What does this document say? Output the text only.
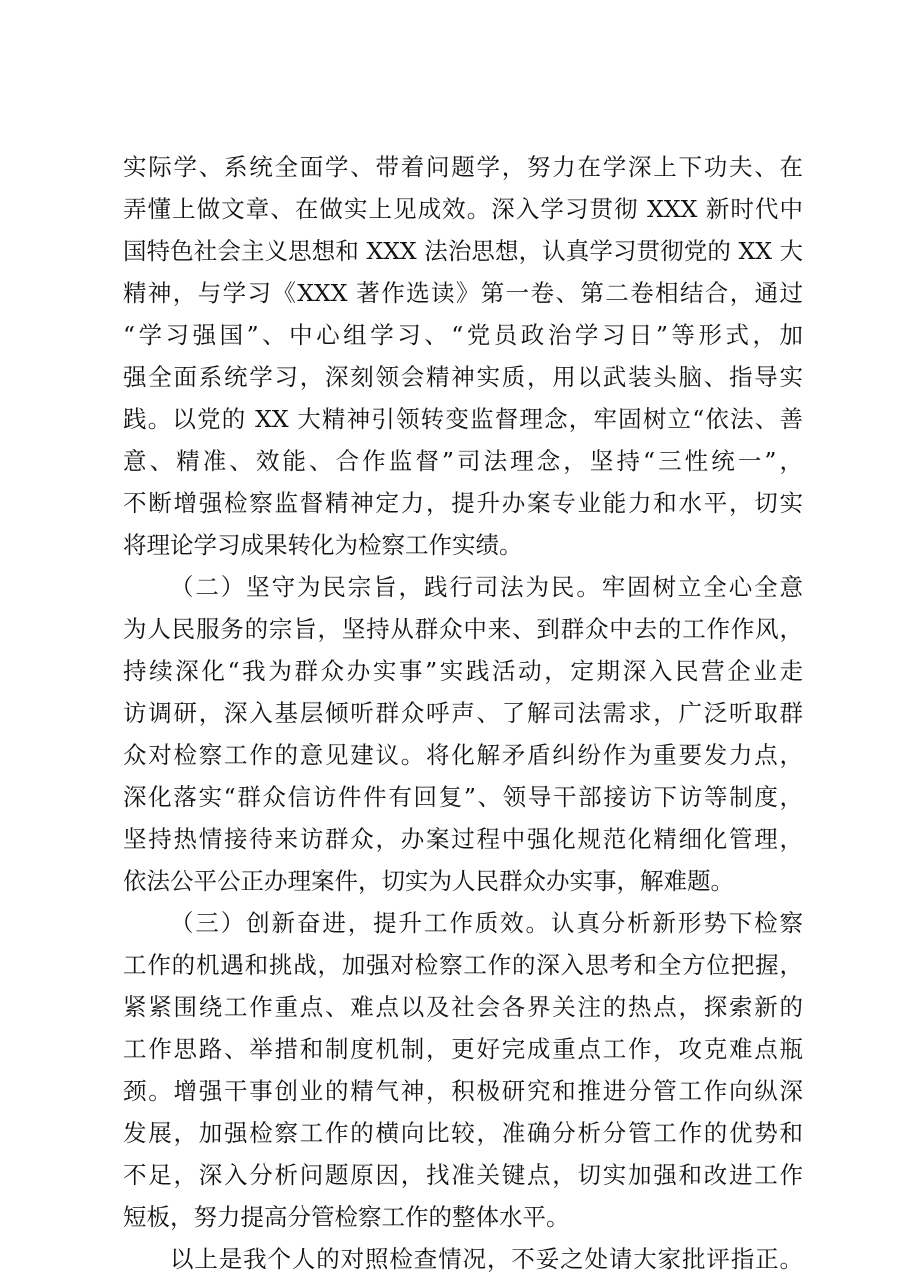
实际学、系统全面学、带着问题学，努力在学深上下功夫、在
弄懂上做文章、在做实上见成效。深入学习贯彻 XXX 新时代中
国特色社会主义思想和 XXX 法治思想，认真学习贯彻党的 XX 大
精神，与学习《XXX 著作选读》第一卷、第二卷相结合，通过
“学习强国”、中心组学习、“党员政治学习日”等形式，加
强全面系统学习，深刻领会精神实质，用以武装头脑、指导实
践。以党的 XX 大精神引领转变监督理念，牢固树立“依法、善
意、精准、效能、合作监督”司法理念，坚持“三性统一”，
不断增强检察监督精神定力，提升办案专业能力和水平，切实
将理论学习成果转化为检察工作实绩。
（二）坚守为民宗旨，践行司法为民。牢固树立全心全意
为人民服务的宗旨，坚持从群众中来、到群众中去的工作作风，
持续深化“我为群众办实事”实践活动，定期深入民营企业走
访调研，深入基层倾听群众呼声、了解司法需求，广泛听取群
众对检察工作的意见建议。将化解矛盾纠纷作为重要发力点，
深化落实“群众信访件件有回复”、领导干部接访下访等制度，
坚持热情接待来访群众，办案过程中强化规范化精细化管理，
依法公平公正办理案件，切实为人民群众办实事，解难题。
（三）创新奋进，提升工作质效。认真分析新形势下检察
工作的机遇和挑战，加强对检察工作的深入思考和全方位把握，
紧紧围绕工作重点、难点以及社会各界关注的热点，探索新的
工作思路、举措和制度机制，更好完成重点工作，攻克难点瓶
颈。增强干事创业的精气神，积极研究和推进分管工作向纵深
发展，加强检察工作的横向比较，准确分析分管工作的优势和
不足，深入分析问题原因，找准关键点，切实加强和改进工作
短板，努力提高分管检察工作的整体水平。
以上是我个人的对照检查情况，不妥之处请大家批评指正。
